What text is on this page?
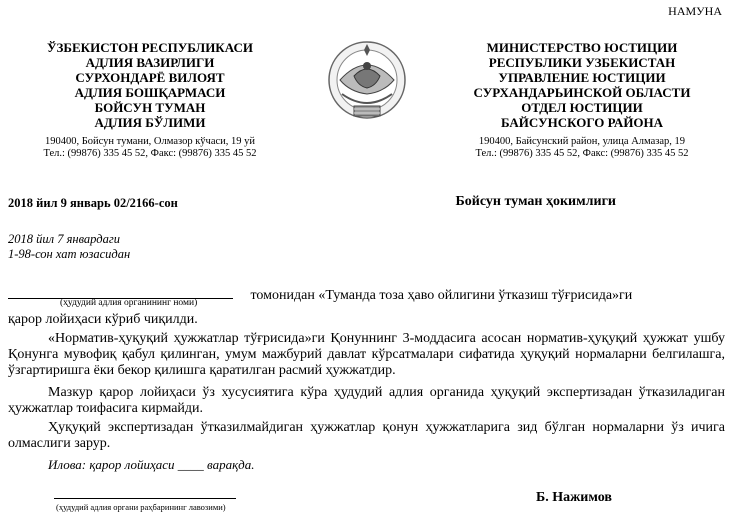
НАМУНА
ЎЗБЕКИСТОН РЕСПУБЛИКАСИ
АДЛИЯ ВАЗИРЛИГИ
СУРХОНДАРЁ ВИЛОЯТ
АДЛИЯ БОШҚАРМАСИ
БОЙСУН ТУМАН
АДЛИЯ БЎЛИМИ
190400, Бойсун тумани, Олмазор кўчаси, 19 уй
Тел.: (99876) 335 45 52, Факс: (99876) 335 45 52
МИНИСТЕРСТВО ЮСТИЦИИ
РЕСПУБЛИКИ УЗБЕКИСТАН
УПРАВЛЕНИЕ ЮСТИЦИИ
СУРХАНДАРЬИНСКОЙ ОБЛАСТИ
ОТДЕЛ ЮСТИЦИИ
БАЙСУНСКОГО РАЙОНА
190400, Байсунский район, улица Алмазар, 19
Тел.: (99876) 335 45 52, Факс: (99876) 335 45 52
2018 йил 9 январь 02/2166-сон	Бойсун туман ҳокимлиги
2018 йил 7 январдаги
1-98-сон хат юзасидан
томонидан «Туманда тоза ҳаво ойлигини ўтказиш тўғрисида»ги
(ҳудудий адлия органининг номи)
қарор лойиҳаси кўриб чиқилди.
«Норматив-ҳуқуқий ҳужжатлар тўғрисида»ги Қонуннинг 3-моддасига асосан норматив-ҳуқуқий ҳужжат ушбу Қонунга мувофиқ қабул қилинган, умум мажбурий давлат кўрсатмалари сифатида ҳуқуқий нормаларни белгилашга, ўзгартиришга ёки бекор қилишга қаратилган расмий ҳужжатдир.
Мазкур қарор лойиҳаси ўз хусусиятига кўра ҳудудий адлия органида ҳуқуқий экспертизадан ўтказиладиган ҳужжатлар тоифасига кирмайди.
Ҳуқуқий экспертизадан ўтказилмайдиган ҳужжатлар қонун ҳужжатларига зид бўлган нормаларни ўз ичига олмаслиги зарур.
Илова: қарор лойиҳаси ____ варақда.
(ҳудудий адлия органи раҳбарининг лавозими)
Б. Нажимов
